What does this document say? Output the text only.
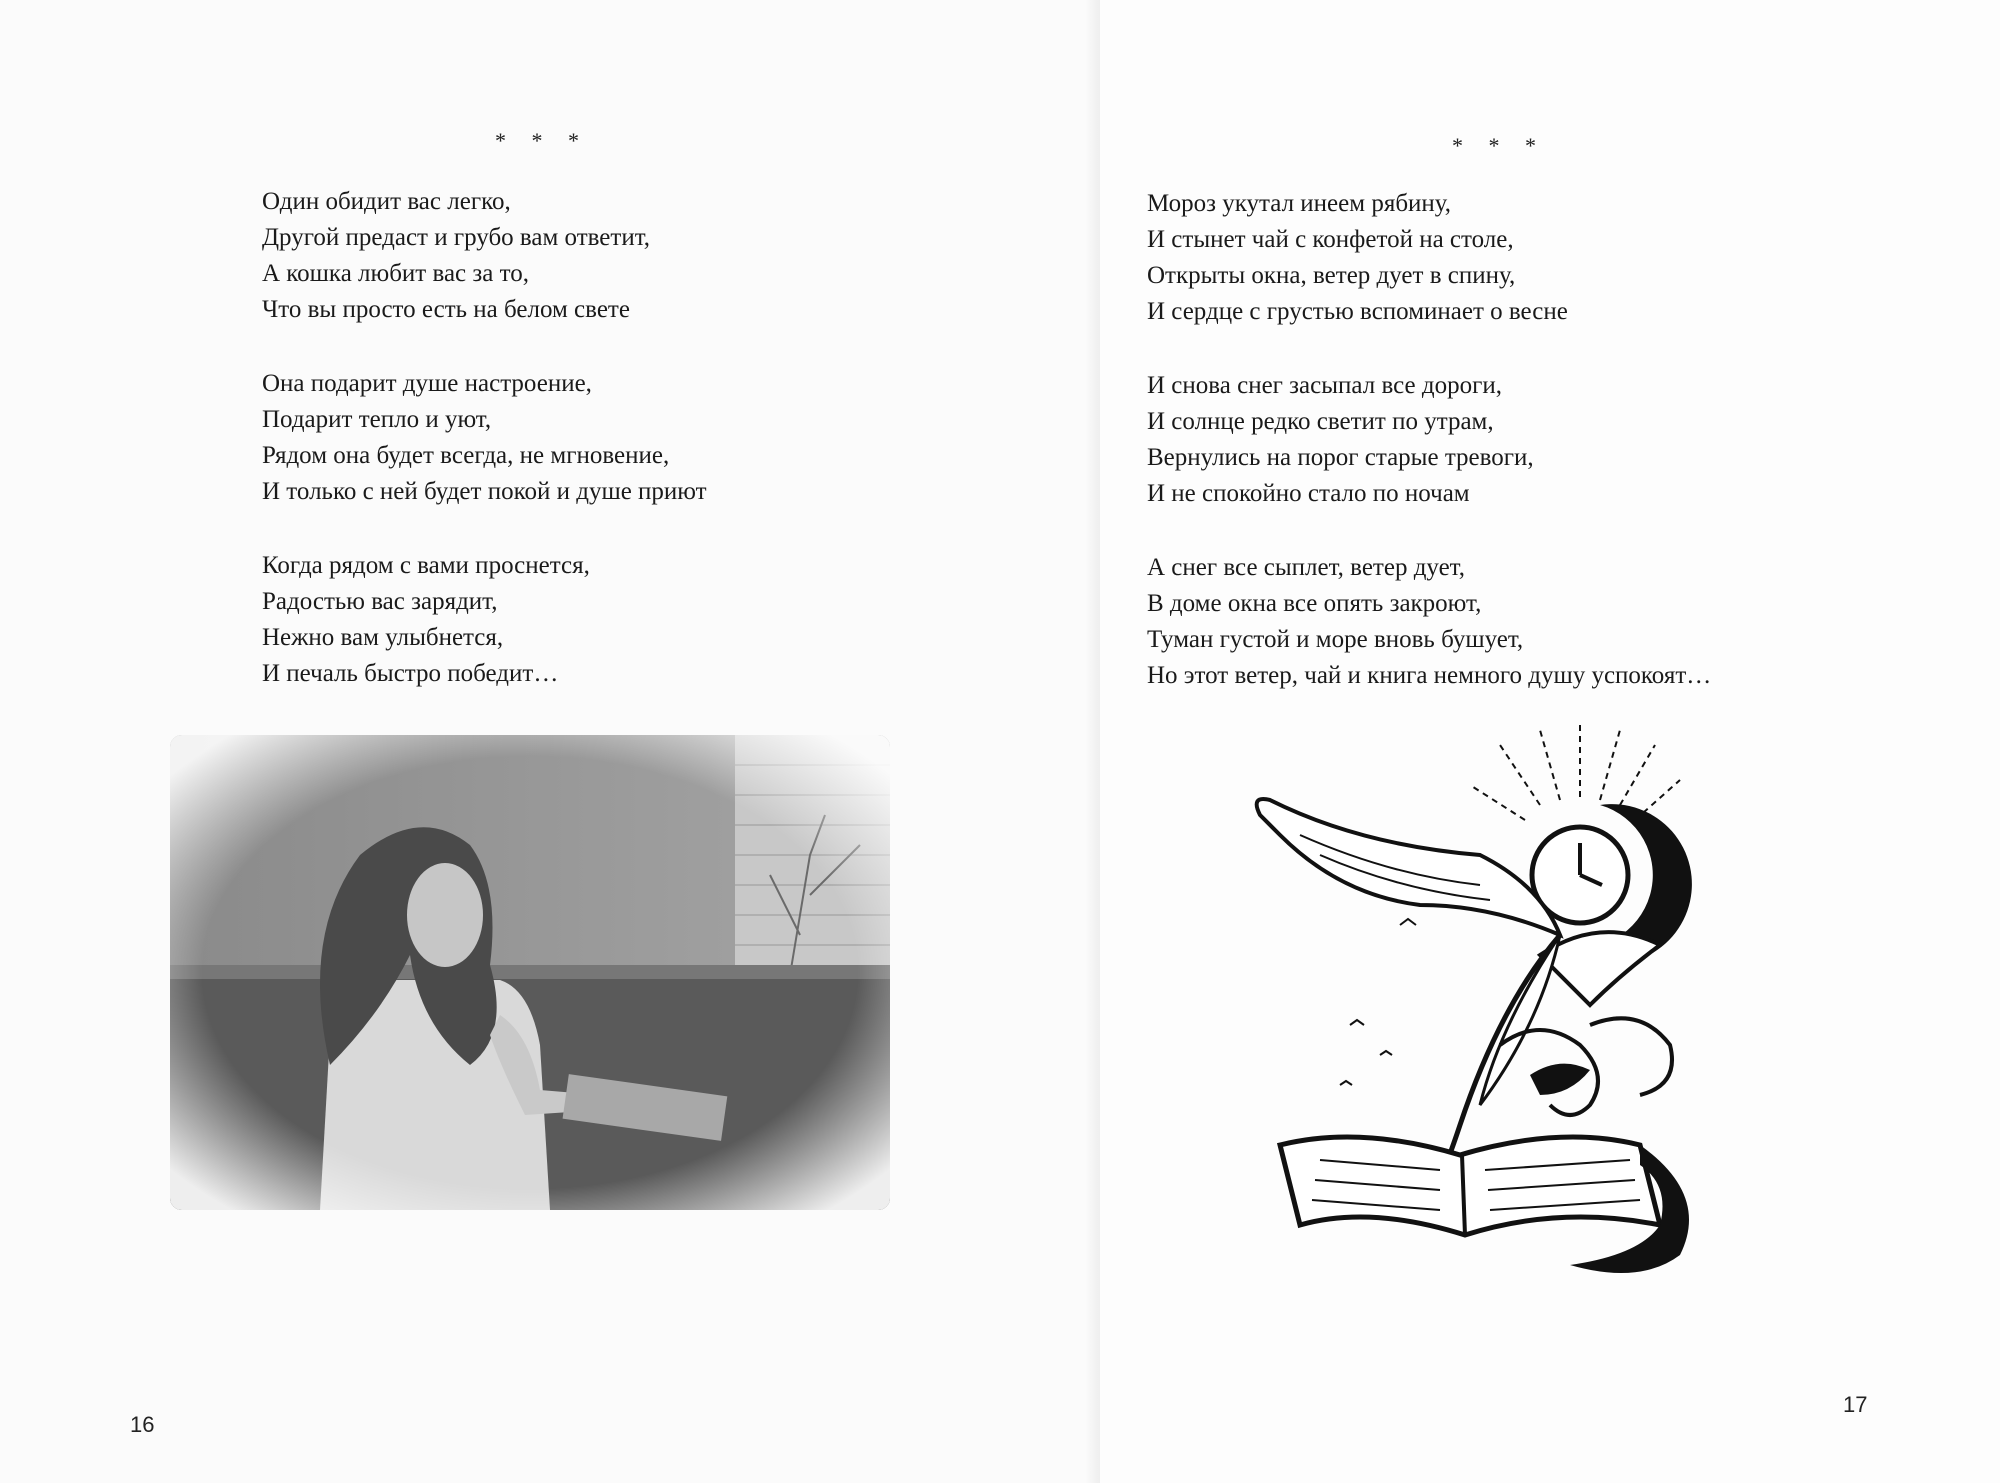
* * *
Один обидит вас легко,
Другой предаст и грубо вам ответит,
А кошка любит вас за то,
Что вы просто есть на белом свете
Она подарит душе настроение,
Подарит тепло и уют,
Рядом она будет всегда, не мгновение,
И только с ней будет покой и душе приют
Когда рядом с вами проснется,
Радостью вас зарядит,
Нежно вам улыбнется,
И печаль быстро победит…
16
* * *
Мороз укутал инеем рябину,
И стынет чай с конфетой на столе,
Открыты окна, ветер дует в спину,
И сердце с грустью вспоминает о весне
И снова снег засыпал все дороги,
И солнце редко светит по утрам,
Вернулись на порог старые тревоги,
И не спокойно стало по ночам
А снег все сыплет, ветер дует,
В доме окна все опять закроют,
Туман густой и море вновь бушует,
Но этот ветер, чай и книга немного душу успокоят…
17
